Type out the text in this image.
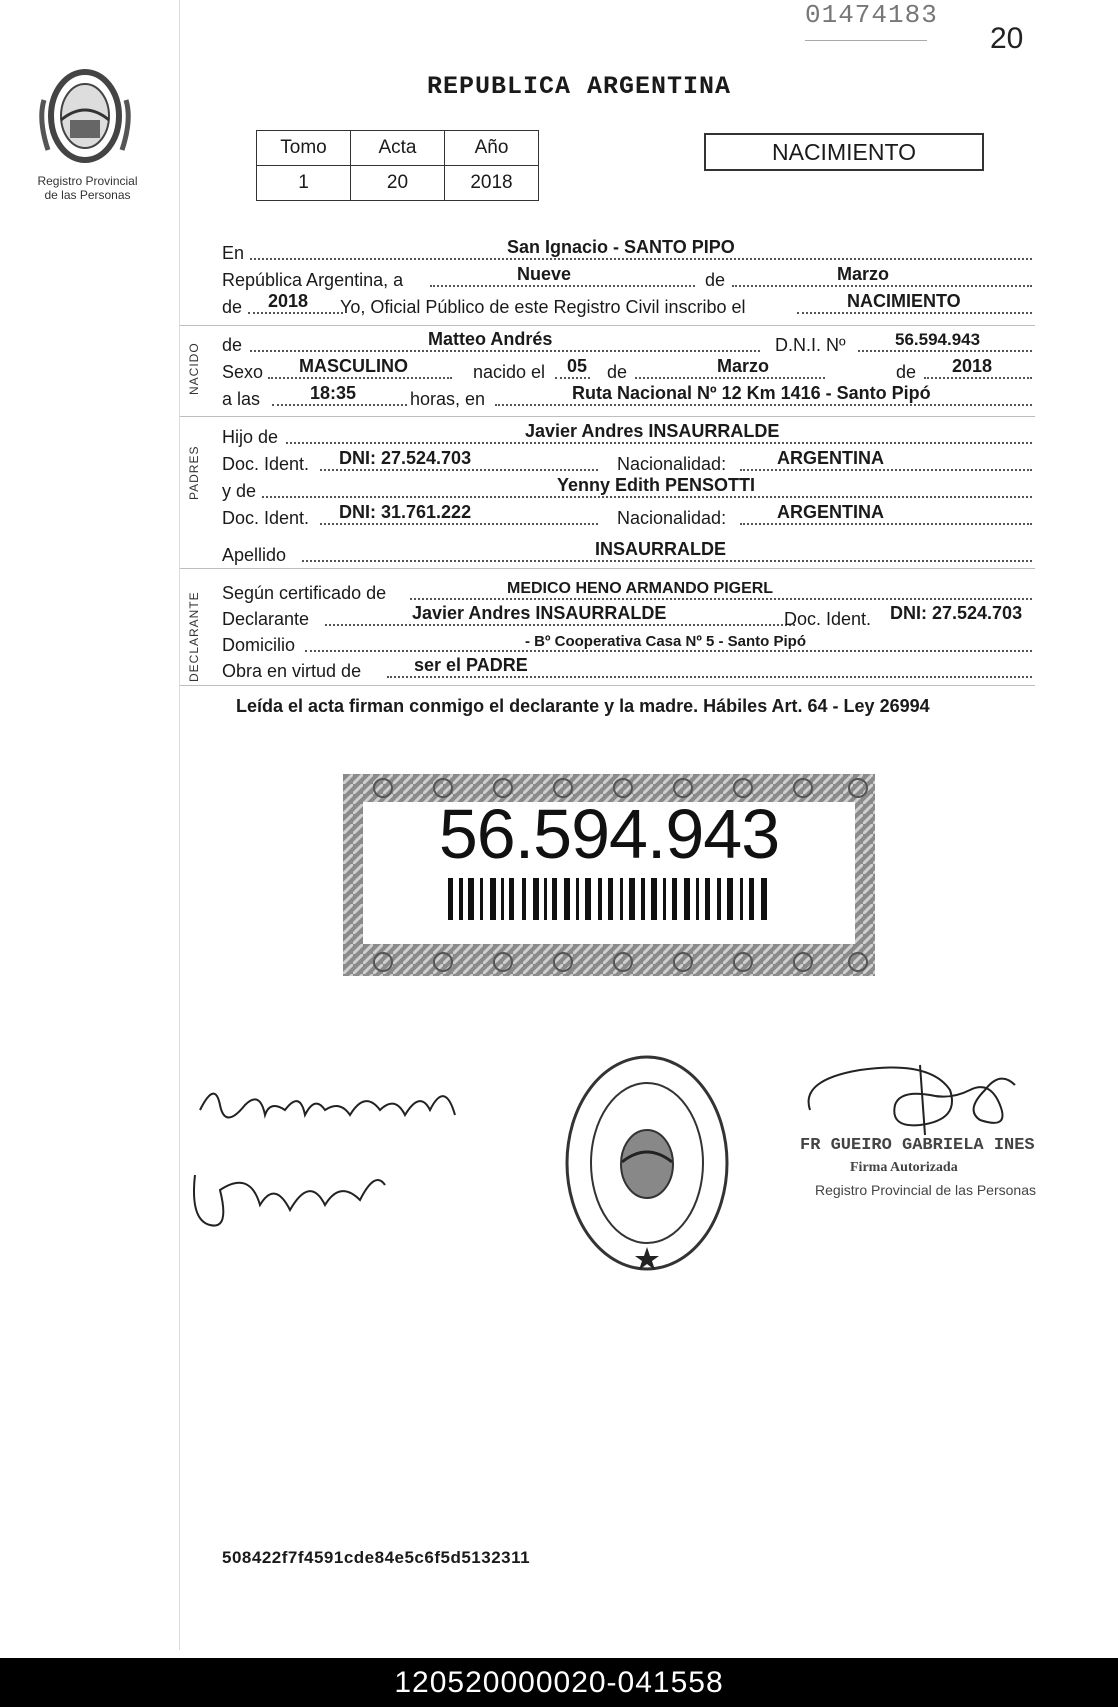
01474183
20
Registro Provincial
de las Personas
REPUBLICA ARGENTINA
Tomo	Acta	Año
1	20	2018
NACIMIENTO
NACIDO
PADRES
DECLARANTE
En	San Ignacio - SANTO PIPO
República Argentina, a	Nueve	de	Marzo
de 2018 Yo, Oficial Público de este Registro Civil inscribo el	NACIMIENTO
de	Matteo Andrés	D.N.I. Nº	56.594.943
Sexo MASCULINO	nacido el 05 de	Marzo	de 2018
a las	18:35	horas, en	Ruta Nacional Nº 12 Km 1416 - Santo Pipó
Hijo de	Javier Andres INSAURRALDE
Doc. Ident. DNI: 27.524.703	Nacionalidad:	ARGENTINA
y de	Yenny Edith PENSOTTI
Doc. Ident. DNI: 31.761.222	Nacionalidad:	ARGENTINA
Apellido	INSAURRALDE
Según certificado de	MEDICO HENO ARMANDO PIGERL
Declarante	Javier Andres INSAURRALDE	Doc. Ident. DNI: 27.524.703
Domicilio	- Bº Cooperativa Casa Nº 5 - Santo Pipó
Obra en virtud de	ser el PADRE
Leída el acta firman conmigo el declarante y la madre. Hábiles Art. 64 - Ley 26994
56.594.943
FR GUEIRO GABRIELA INES
Firma Autorizada
Registro Provincial de las Personas
508422f7f4591cde84e5c6f5d5132311
120520000020-041558
